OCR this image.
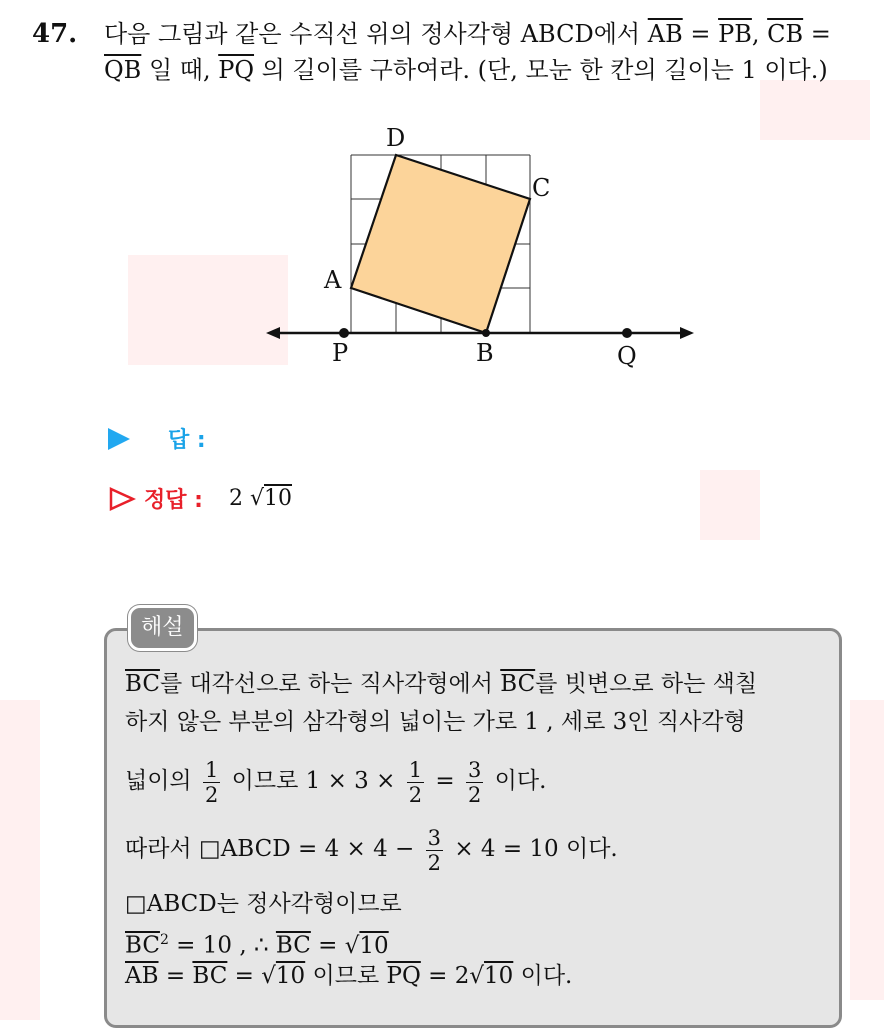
47. 다음 그림과 같은 수직선 위의 정사각형 ABCD에서 $\overline{AB} = \overline{PB}$, $\overline{CB}$ =
$\overline{QB}$ 일 때, $\overline{PQ}$ 의 길이를 구하여라. (단, 모눈 한 칸의 길이는 1 이다.)
A
B
C
D
P	Q
답 :
정답 : 2 √10
해설
$\overline{BC}$를 대각선으로 하는 직사각형에서 $\overline{BC}$를 빗변으로 하는 색칠
하지 않은 부분의 삼각형의 넓이는 가로 1 , 세로 3인 직사각형
넓이의 $\frac{1}{2}$ 이므로 $1 \times 3 \times \frac{1}{2} = \frac{3}{2}$ 이다.
따라서 □ABCD = $4 \times 4 - \frac{3}{2} \times 4 = 10$ 이다.
□ABCD는 정사각형이므로
$\overline{BC}^2 = 10$ , ∴ $\overline{BC} = √10$
$\overline{AB} = \overline{BC} = √10$ 이므로 $\overline{PQ} = 2√10$ 이다.
